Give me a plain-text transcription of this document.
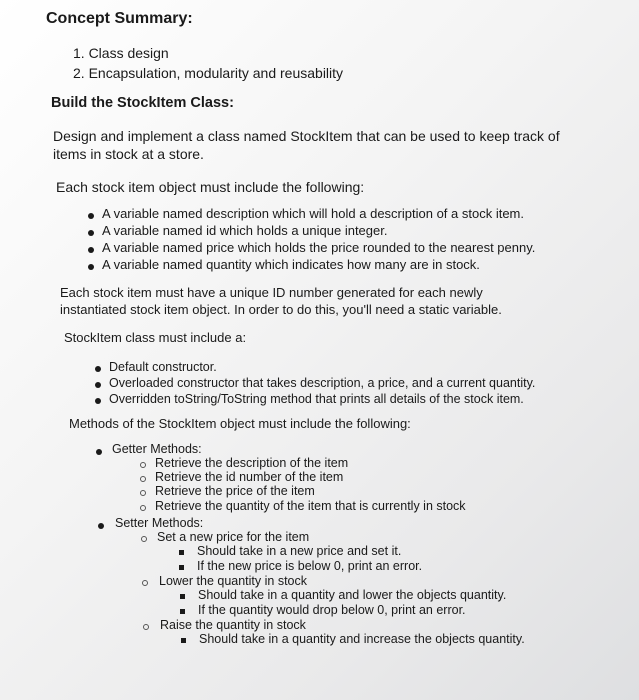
Concept Summary:
1. Class design
2. Encapsulation, modularity and reusability
Build the StockItem Class:
Design and implement a class named StockItem that can be used to keep track of
items in stock at a store.
Each stock item object must include the following:
A variable named description which will hold a description of a stock item.
A variable named id which holds a unique integer.
A variable named price which holds the price rounded to the nearest penny.
A variable named quantity which indicates how many are in stock.
Each stock item must have a unique ID number generated for each newly
instantiated stock item object. In order to do this, you'll need a static variable.
StockItem class must include a:
Default constructor.
Overloaded constructor that takes description, a price, and a current quantity.
Overridden toString/ToString method that prints all details of the stock item.
Methods of the StockItem object must include the following:
Getter Methods:
Retrieve the description of the item
Retrieve the id number of the item
Retrieve the price of the item
Retrieve the quantity of the item that is currently in stock
Setter Methods:
Set a new price for the item
Should take in a new price and set it.
If the new price is below 0, print an error.
Lower the quantity in stock
Should take in a quantity and lower the objects quantity.
If the quantity would drop below 0, print an error.
Raise the quantity in stock
Should take in a quantity and increase the objects quantity.
